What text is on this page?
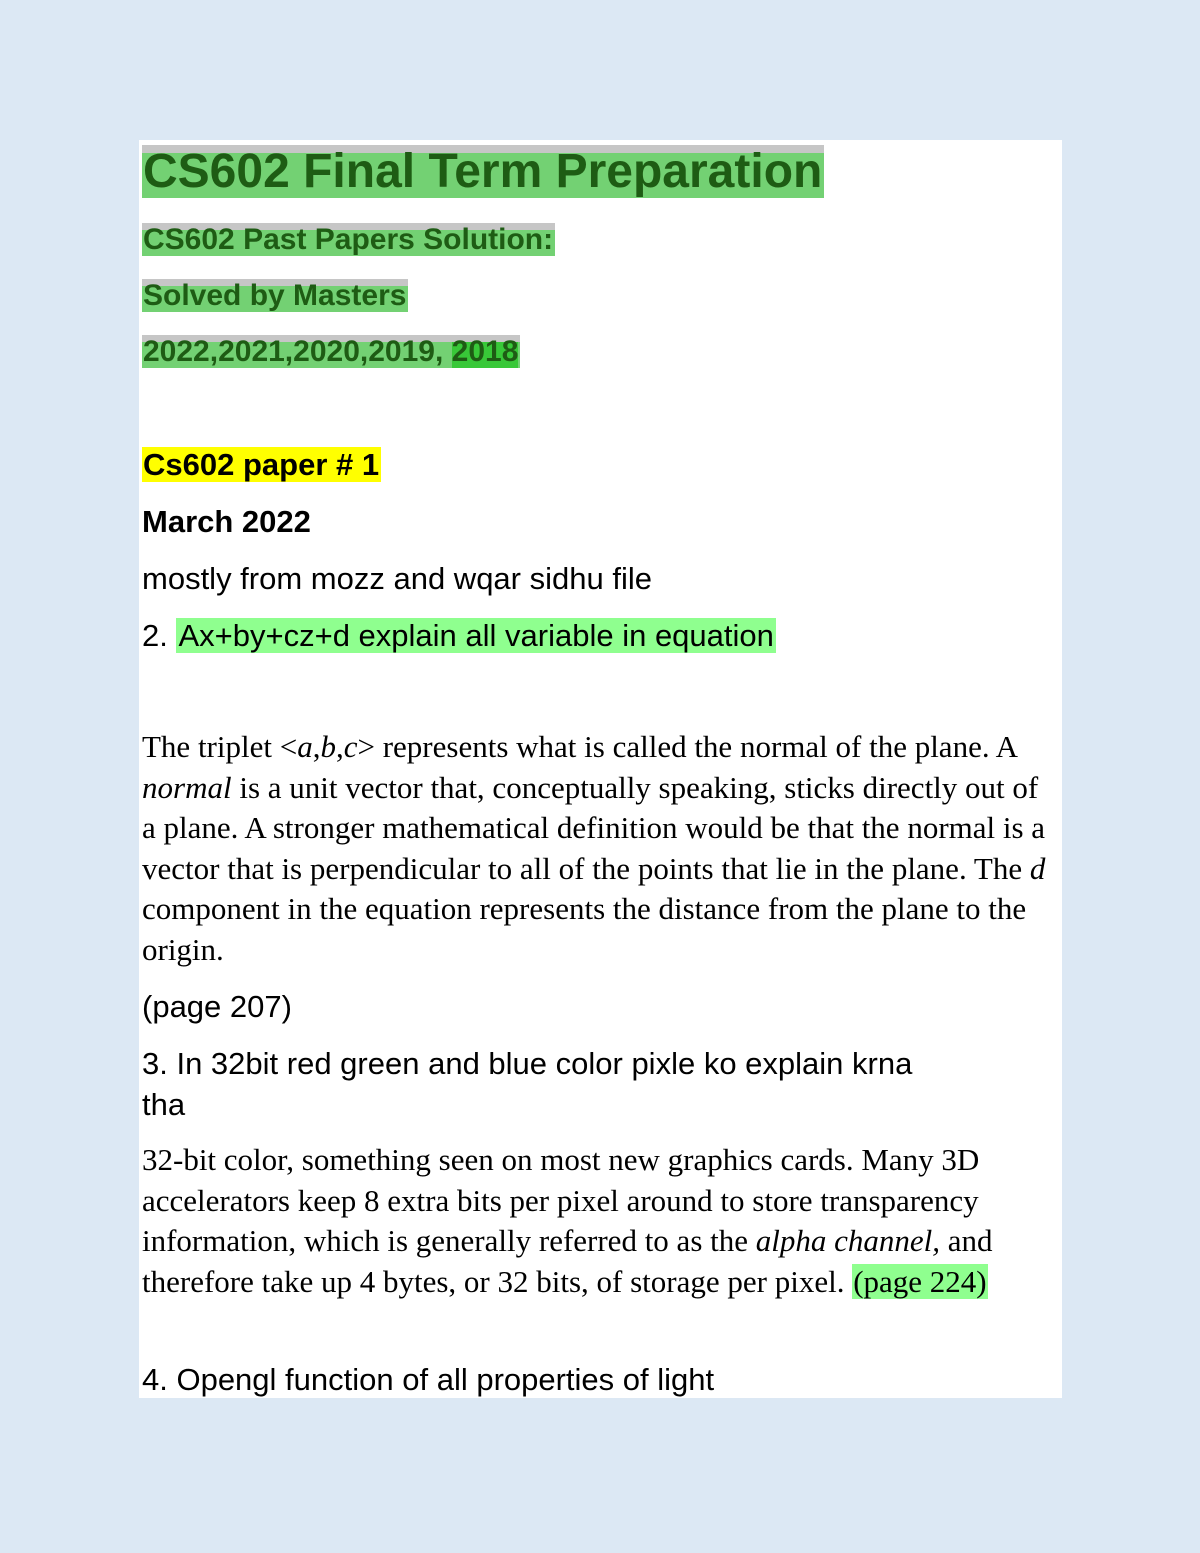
CS602 Final Term Preparation
CS602 Past Papers Solution:
Solved by Masters
2022,2021,2020,2019, 2018
Cs602 paper # 1
March 2022
mostly from mozz and wqar sidhu file
2. Ax+by+cz+d explain all variable in equation
The triplet <a,b,c> represents what is called the normal of the plane. A normal is a unit vector that, conceptually speaking, sticks directly out of a plane. A stronger mathematical definition would be that the normal is a vector that is perpendicular to all of the points that lie in the plane. The d component in the equation represents the distance from the plane to the origin.
(page 207)
3. In 32bit red green and blue color pixle ko explain krna
tha
32-bit color, something seen on most new graphics cards. Many 3D accelerators keep 8 extra bits per pixel around to store transparency information, which is generally referred to as the alpha channel, and therefore take up 4 bytes, or 32 bits, of storage per pixel. (page 224)
4. Opengl function of all properties of light
